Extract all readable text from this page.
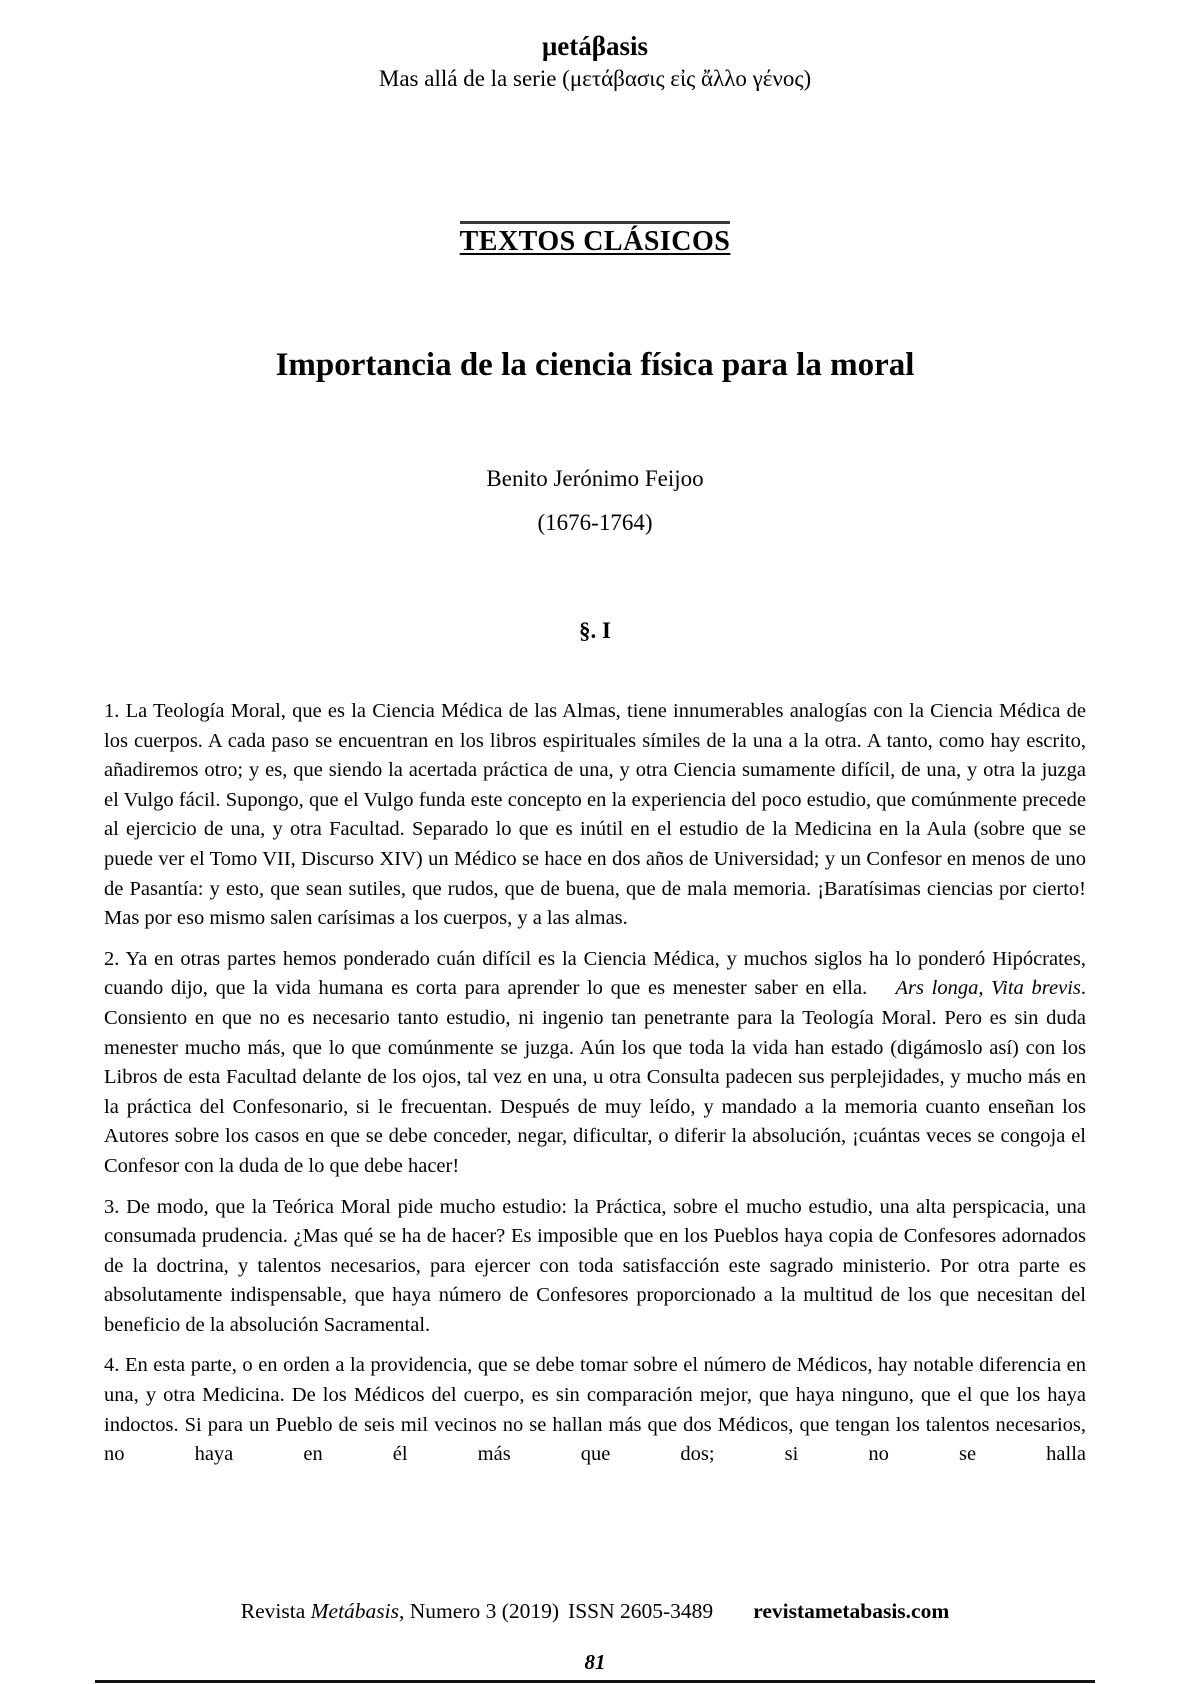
μetáβasis
Mas allá de la serie (μετάβασις εἰς ἄλλο γένος)
TEXTOS CLÁSICOS
Importancia de la ciencia física para la moral
Benito Jerónimo Feijoo
(1676-1764)
§. I

1. La Teología Moral, que es la Ciencia Médica de las Almas, tiene innumerables analogías con la Ciencia Médica de los cuerpos. A cada paso se encuentran en los libros espirituales símiles de la una a la otra. A tanto, como hay escrito, añadiremos otro; y es, que siendo la acertada práctica de una, y otra Ciencia sumamente difícil, de una, y otra la juzga el Vulgo fácil. Supongo, que el Vulgo funda este concepto en la experiencia del poco estudio, que comúnmente precede al ejercicio de una, y otra Facultad. Separado lo que es inútil en el estudio de la Medicina en la Aula (sobre que se puede ver el Tomo VII, Discurso XIV) un Médico se hace en dos años de Universidad; y un Confesor en menos de uno de Pasantía: y esto, que sean sutiles, que rudos, que de buena, que de mala memoria. ¡Baratísimas ciencias por cierto! Mas por eso mismo salen carísimas a los cuerpos, y a las almas.

2. Ya en otras partes hemos ponderado cuán difícil es la Ciencia Médica, y muchos siglos ha lo ponderó Hipócrates, cuando dijo, que la vida humana es corta para aprender lo que es menester saber en ella.  Ars longa, Vita brevis. Consiento en que no es necesario tanto estudio, ni ingenio tan penetrante para la Teología Moral. Pero es sin duda menester mucho más, que lo que comúnmente se juzga. Aún los que toda la vida han estado (digámoslo así) con los Libros de esta Facultad delante de los ojos, tal vez en una, u otra Consulta padecen sus perplejidades, y mucho más en la práctica del Confesonario, si le frecuentan. Después de muy leído, y mandado a la memoria cuanto enseñan los Autores sobre los casos en que se debe conceder, negar, dificultar, o diferir la absolución, ¡cuántas veces se congoja el Confesor con la duda de lo que debe hacer!

3. De modo, que la Teórica Moral pide mucho estudio: la Práctica, sobre el mucho estudio, una alta perspicacia, una consumada prudencia. ¿Mas qué se ha de hacer? Es imposible que en los Pueblos haya copia de Confesores adornados de la doctrina, y talentos necesarios, para ejercer con toda satisfacción este sagrado ministerio. Por otra parte es absolutamente indispensable, que haya número de Confesores proporcionado a la multitud de los que necesitan del beneficio de la absolución Sacramental.

4. En esta parte, o en orden a la providencia, que se debe tomar sobre el número de Médicos, hay notable diferencia en una, y otra Medicina. De los Médicos del cuerpo, es sin comparación mejor, que haya ninguno, que el que los haya indoctos. Si para un Pueblo de seis mil vecinos no se hallan más que dos Médicos, que tengan los talentos necesarios, no haya en él más que dos; si no se halla

Revista Metábasis, Numero 3 (2019) ISSN 2605-3489 revistametabasis.com
81
